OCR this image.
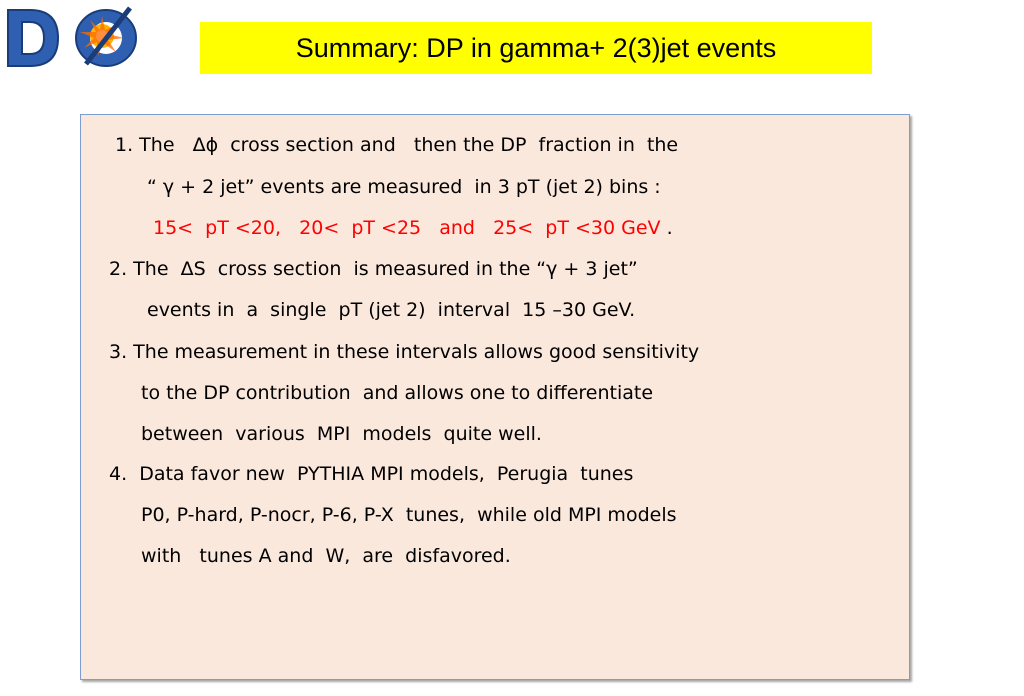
Summary: DP in gamma+ 2(3)jet events
1. The   Δϕ  cross section and   then the DP  fraction in  the
“ γ + 2 jet” events are measured  in 3 pT (jet 2) bins :
15<  pT <20,   20<  pT <25   and   25<  pT <30 GeV .
2. The  ΔS  cross section  is measured in the “γ + 3 jet”
events in  a  single  pT (jet 2)  interval  15 –30 GeV.
3. The measurement in these intervals allows good sensitivity
to the DP contribution  and allows one to differentiate
between  various  MPI  models  quite well.
4.  Data favor new  PYTHIA MPI models,  Perugia  tunes
P0, P-hard, P-nocr, P-6, P-X  tunes,  while old MPI models
with   tunes A and  W,  are  disfavored.
